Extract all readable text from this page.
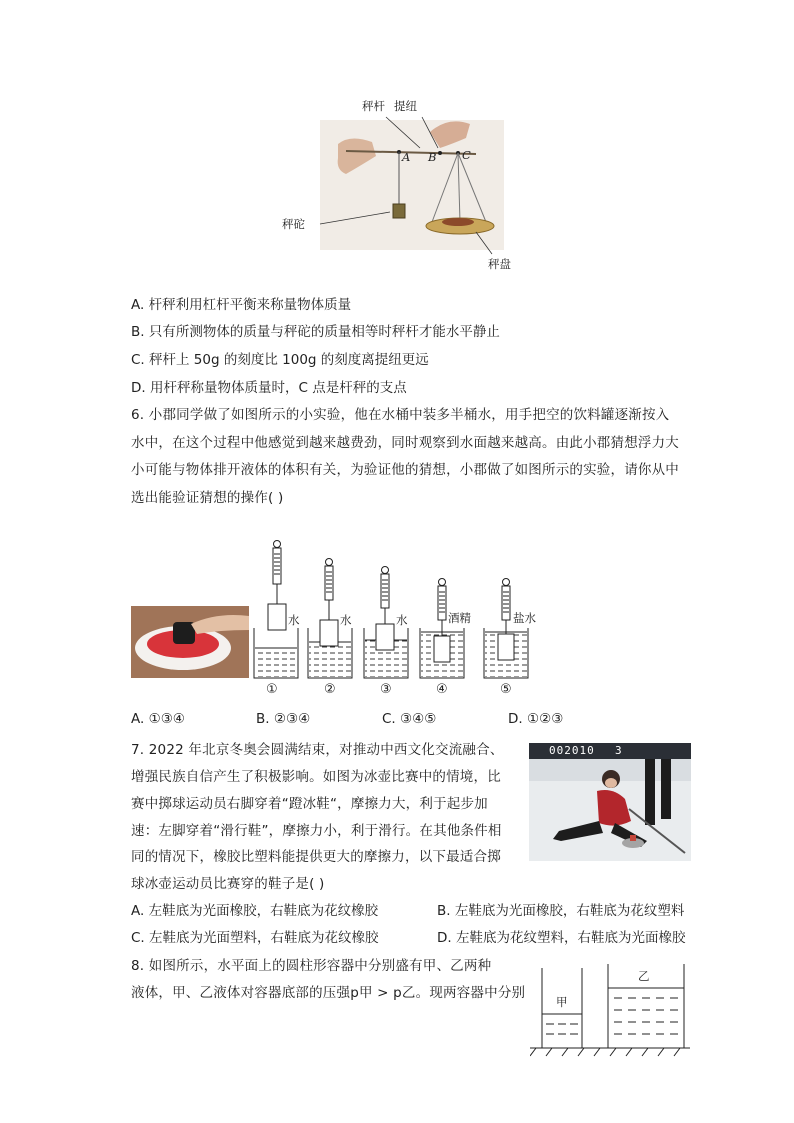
秤杆 提纽
A B C
秤砣
秤盘
A. 杆秤利用杠杆平衡来称量物体质量
B. 只有所测物体的质量与秤砣的质量相等时秤杆才能水平静止
C. 秤杆上 50g 的刻度比 100g 的刻度离提纽更远
D. 用杆秤称量物体质量时，C 点是杆秤的支点
6. 小郡同学做了如图所示的小实验，他在水桶中装多半桶水，用手把空的饮料罐逐渐按入
水中，在这个过程中他感觉到越来越费劲，同时观察到水面越来越高。由此小郡猜想浮力大
小可能与物体排开液体的体积有关，为验证他的猜想，小郡做了如图所示的实验，请你从中
选出能验证猜想的操作( )
水	水	水	酒精	盐水
①	②	③	④	⑤
A. ①③④	B. ②③④	C. ③④⑤	D. ①②③
7. 2022 年北京冬奥会圆满结束，对推动中西文化交流融合、
增强民族自信产生了积极影响。如图为冰壶比赛中的情境，比
赛中掷球运动员右脚穿着“蹬冰鞋“，摩擦力大，利于起步加
速：左脚穿着“滑行鞋”，摩擦力小，利于滑行。在其他条件相
同的情况下，橡胶比塑料能提供更大的摩擦力，以下最适合掷
球冰壶运动员比赛穿的鞋子是( )
002010 3
A. 左鞋底为光面橡胶，右鞋底为花纹橡胶	B. 左鞋底为光面橡胶，右鞋底为花纹塑料
C. 左鞋底为光面塑料，右鞋底为花纹橡胶	D. 左鞋底为花纹塑料，右鞋底为光面橡胶
8. 如图所示，水平面上的圆柱形容器中分别盛有甲、乙两种
液体，甲、乙液体对容器底部的压强p甲 > p乙。现两容器中分别
甲
乙
